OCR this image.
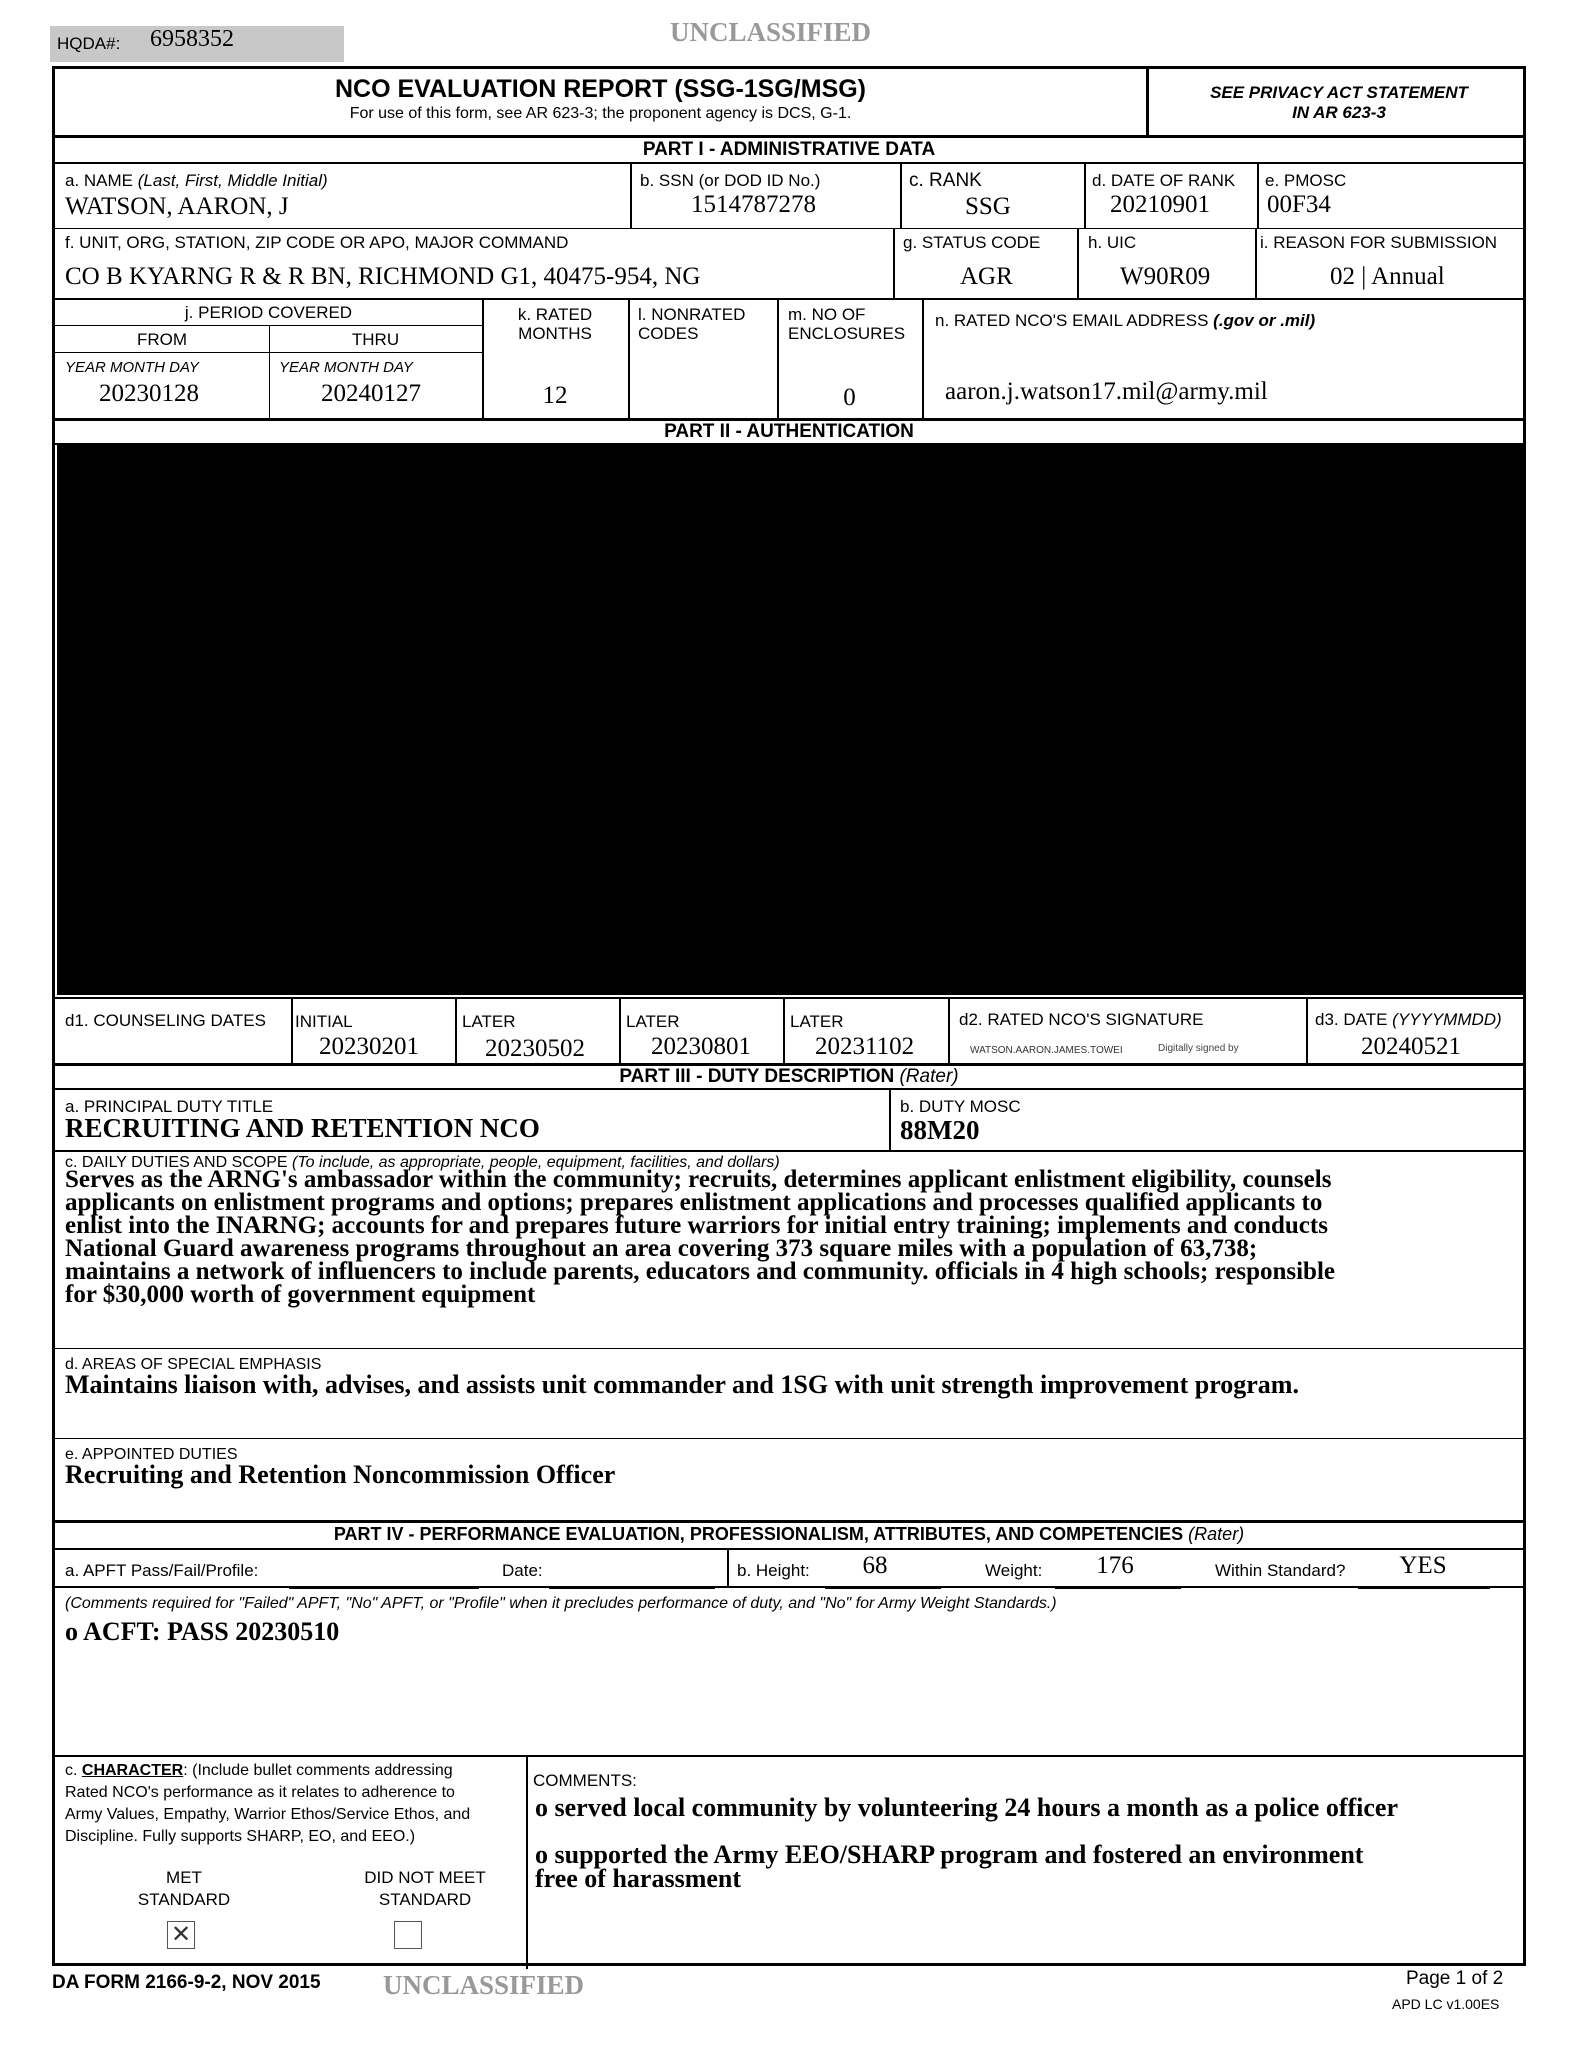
HQDA#: 6958352	UNCLASSIFIED
NCO EVALUATION REPORT (SSG-1SG/MSG)
For use of this form, see AR 623-3; the proponent agency is DCS, G-1.
SEE PRIVACY ACT STATEMENT
IN AR 623-3
PART I - ADMINISTRATIVE DATA
a. NAME (Last, First, Middle Initial)
WATSON, AARON, J
b. SSN (or DOD ID No.)
1514787278
c. RANK
SSG
d. DATE OF RANK
20210901
e. PMOSC
00F34
f. UNIT, ORG, STATION, ZIP CODE OR APO, MAJOR COMMAND
CO B KYARNG R & R BN, RICHMOND G1, 40475-954, NG
g. STATUS CODE
AGR
h. UIC
W90R09
i. REASON FOR SUBMISSION
02 | Annual
j. PERIOD COVERED
FROM	THRU
YEAR MONTH DAY	YEAR MONTH DAY
20230128	20240127
k. RATED
MONTHS
12
l. NONRATED
CODES
m. NO OF
ENCLOSURES
0
n. RATED NCO'S EMAIL ADDRESS (.gov or .mil)
aaron.j.watson17.mil@army.mil
PART II - AUTHENTICATION
d1. COUNSELING DATES INITIAL
20230201
LATER
20230502
LATER
20230801
LATER
20231102
d2. RATED NCO'S SIGNATURE
WATSON.AARON.JAMES.TOWEI	Digitally signed by
d3. DATE (YYYYMMDD)
20240521
PART III - DUTY DESCRIPTION (Rater)
a. PRINCIPAL DUTY TITLE
RECRUITING AND RETENTION NCO
b. DUTY MOSC
88M20
c. DAILY DUTIES AND SCOPE (To include, as appropriate, people, equipment, facilities, and dollars)
Serves as the ARNG's ambassador within the community; recruits, determines applicant enlistment eligibility, counsels
applicants on enlistment programs and options; prepares enlistment applications and processes qualified applicants to
enlist into the INARNG; accounts for and prepares future warriors for initial entry training; implements and conducts
National Guard awareness programs throughout an area covering 373 square miles with a population of 63,738;
maintains a network of influencers to include parents, educators and community. officials in 4 high schools; responsible
for $30,000 worth of government equipment
d. AREAS OF SPECIAL EMPHASIS
Maintains liaison with, advises, and assists unit commander and 1SG with unit strength improvement program.
e. APPOINTED DUTIES
Recruiting and Retention Noncommission Officer
PART IV - PERFORMANCE EVALUATION, PROFESSIONALISM, ATTRIBUTES, AND COMPETENCIES (Rater)
a. APFT Pass/Fail/Profile:	Date:	b. Height:	68	Weight:	176	Within Standard?	YES
(Comments required for "Failed" APFT, "No" APFT, or "Profile" when it precludes performance of duty, and "No" for Army Weight Standards.)
o ACFT: PASS 20230510
c. CHARACTER: (Include bullet comments addressing
Rated NCO's performance as it relates to adherence to
Army Values, Empathy, Warrior Ethos/Service Ethos, and
Discipline. Fully supports SHARP, EO, and EEO.)
MET
STANDARD
✕
DID NOT MEET
STANDARD
COMMENTS:
o served local community by volunteering 24 hours a month as a police officer
o supported the Army EEO/SHARP program and fostered an environment
free of harassment
DA FORM 2166-9-2, NOV 2015 UNCLASSIFIED	Page 1 of 2
APD LC v1.00ES
